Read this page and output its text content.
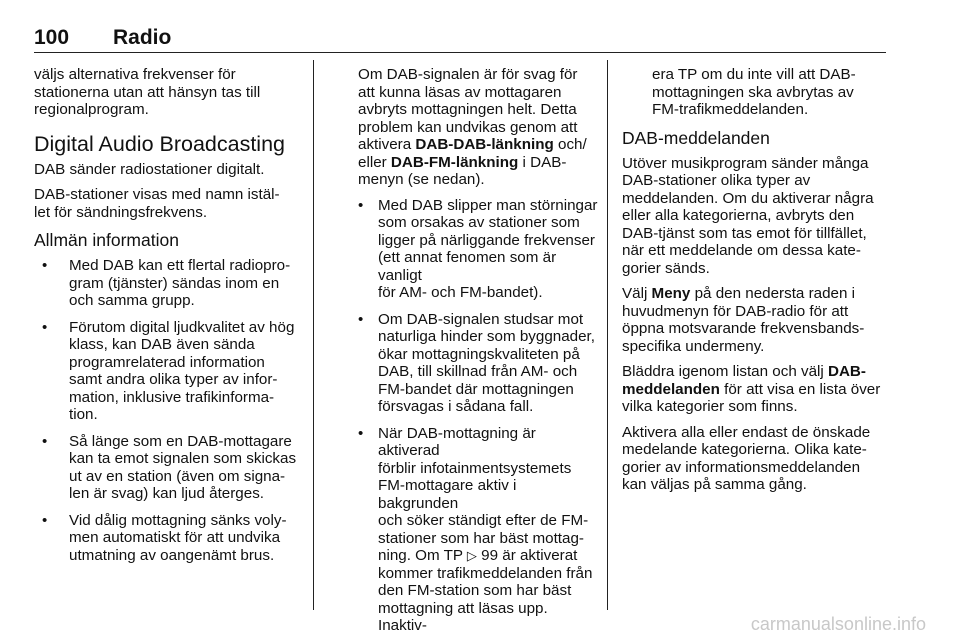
100 Radio

väljs alternativa frekvenser för
stationerna utan att hänsyn tas till
regionalprogram.

Digital Audio Broadcasting

DAB sänder radiostationer digitalt.

DAB-stationer visas med namn istäl-
let för sändningsfrekvens.

Allmän information
• Med DAB kan ett flertal radiopro-
gram (tjänster) sändas inom en
och samma grupp.
• Förutom digital ljudkvalitet av hög
klass, kan DAB även sända
programrelaterad information
samt andra olika typer av infor-
mation, inklusive trafikinforma-
tion.
• Så länge som en DAB-mottagare
kan ta emot signalen som skickas
ut av en station (även om signa-
len är svag) kan ljud återges.
• Vid dålig mottagning sänks voly-
men automatiskt för att undvika
utmatning av oangenämt brus.

Om DAB-signalen är för svag för
att kunna läsas av mottagaren
avbryts mottagningen helt. Detta
problem kan undvikas genom att
aktivera DAB-DAB-länkning och/
eller DAB-FM-länkning i DAB-
menyn (se nedan).

• Med DAB slipper man störningar
som orsakas av stationer som
ligger på närliggande frekvenser
(ett annat fenomen som är vanligt
för AM- och FM-bandet).
• Om DAB-signalen studsar mot
naturliga hinder som byggnader,
ökar mottagningskvaliteten på
DAB, till skillnad från AM- och
FM-bandet där mottagningen
försvagas i sådana fall.
• När DAB-mottagning är aktiverad
förblir infotainmentsystemets
FM-mottagare aktiv i bakgrunden
och söker ständigt efter de FM-
stationer som har bäst mottag-
ning. Om TP ▷ 99 är aktiverat
kommer trafikmeddelanden från
den FM-station som har bäst
mottagning att läsas upp. Inaktiv-

era TP om du inte vill att DAB-
mottagningen ska avbrytas av
FM-trafikmeddelanden.

DAB-meddelanden

Utöver musikprogram sänder många
DAB-stationer olika typer av
meddelanden. Om du aktiverar några
eller alla kategorierna, avbryts den
DAB-tjänst som tas emot för tillfället,
när ett meddelande om dessa kate-
gorier sänds.

Välj Meny på den nedersta raden i
huvudmenyn för DAB-radio för att
öppna motsvarande frekvensbands-
specifika undermeny.

Bläddra igenom listan och välj DAB-
meddelanden för att visa en lista över
vilka kategorier som finns.

Aktivera alla eller endast de önskade
medelande kategorierna. Olika kate-
gorier av informationsmeddelanden
kan väljas på samma gång.

carmanualsonline.info
